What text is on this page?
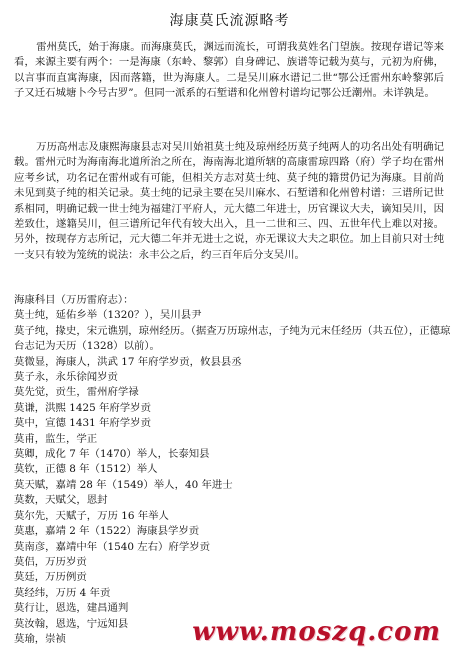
海康莫氏流源略考
雷州莫氏，始于海康。而海康莫氏，渊远而流长，可谓我莫姓名门望族。按现存谱记等来看，来源主要有两个：一是海康（东岭、黎郭）自身碑记、族谱等记载为莫与，元初为府佛，以言事而直寓海康，因而落籍，世为海康人。二是吴川麻水谱记二世“鄂公迁雷州东岭黎郭后子又迁石城塘卜今号古罗”。但同一派系的石堑谱和化州曾村谱均记鄂公迁潮州。未详孰是。
万历高州志及康熙海康县志对吴川始祖莫士纯及琼州经历莫子纯两人的功名出处有明确记载。雷州元时为海南海北道所治之所在，海南海北道所辖的高康雷琼四路（府）学子均在雷州应考乡试，功名记在雷州或有可能，但相关方志对莫士纯、莫子纯的籍贯仍记为海康。目前尚未见到莫子纯的相关记录。莫士纯的记录主要在吴川麻水、石堑谱和化州曾村谱：三谱所记世系相同，明确记载一世士纯为福建汀平府人，元大德二年进士，历官课议大夫，谪知吴川，因差致仕，遂籍吴川，但三谱所记年代有较大出入，且一二世和三、四、五世年代上难以对接。另外，按现存方志所记，元大德二年并无进士之说，亦无课议大夫之职位。加上目前只对士纯一支只有较为笼统的说法：永丰公之后，约三百年后分支吴川。
海康科目（万历雷府志）：
莫士纯，延佑乡举（1320？），吴川县尹
莫子纯，掾史，宋元谯别，琼州经历。（据查万历琼州志，子纯为元末任经历（共五位），正德琼台志记为天历（1328）以前）。
莫微显，海康人，洪武 17 年府学岁贡，攸县县丞
莫子永，永乐徐闻岁贡
莫先觉，贡生，雷州府学禄
莫谦，洪熙 1425 年府学岁贡
莫中，宣德 1431 年府学岁贡
莫甫，监生，学正
莫卿，成化 7 年（1470）举人，长泰知县
莫钦，正德 8 年（1512）举人
莫天赋，嘉靖 28 年（1549）举人，40 年进士
莫数，天赋父，恩封
莫尔先，天赋子，万历 16 年举人
莫惠，嘉靖 2 年（1522）海康县学岁贡
莫南彦，嘉靖中年（1540 左右）府学岁贡
莫侣，万历岁贡
莫廷，万历例贡
莫经纬，万历 4 年贡
莫行让，恩选，建昌通判
莫汝翰，恩选，宁远知县
莫瑜，崇祯	www.moszq.com
